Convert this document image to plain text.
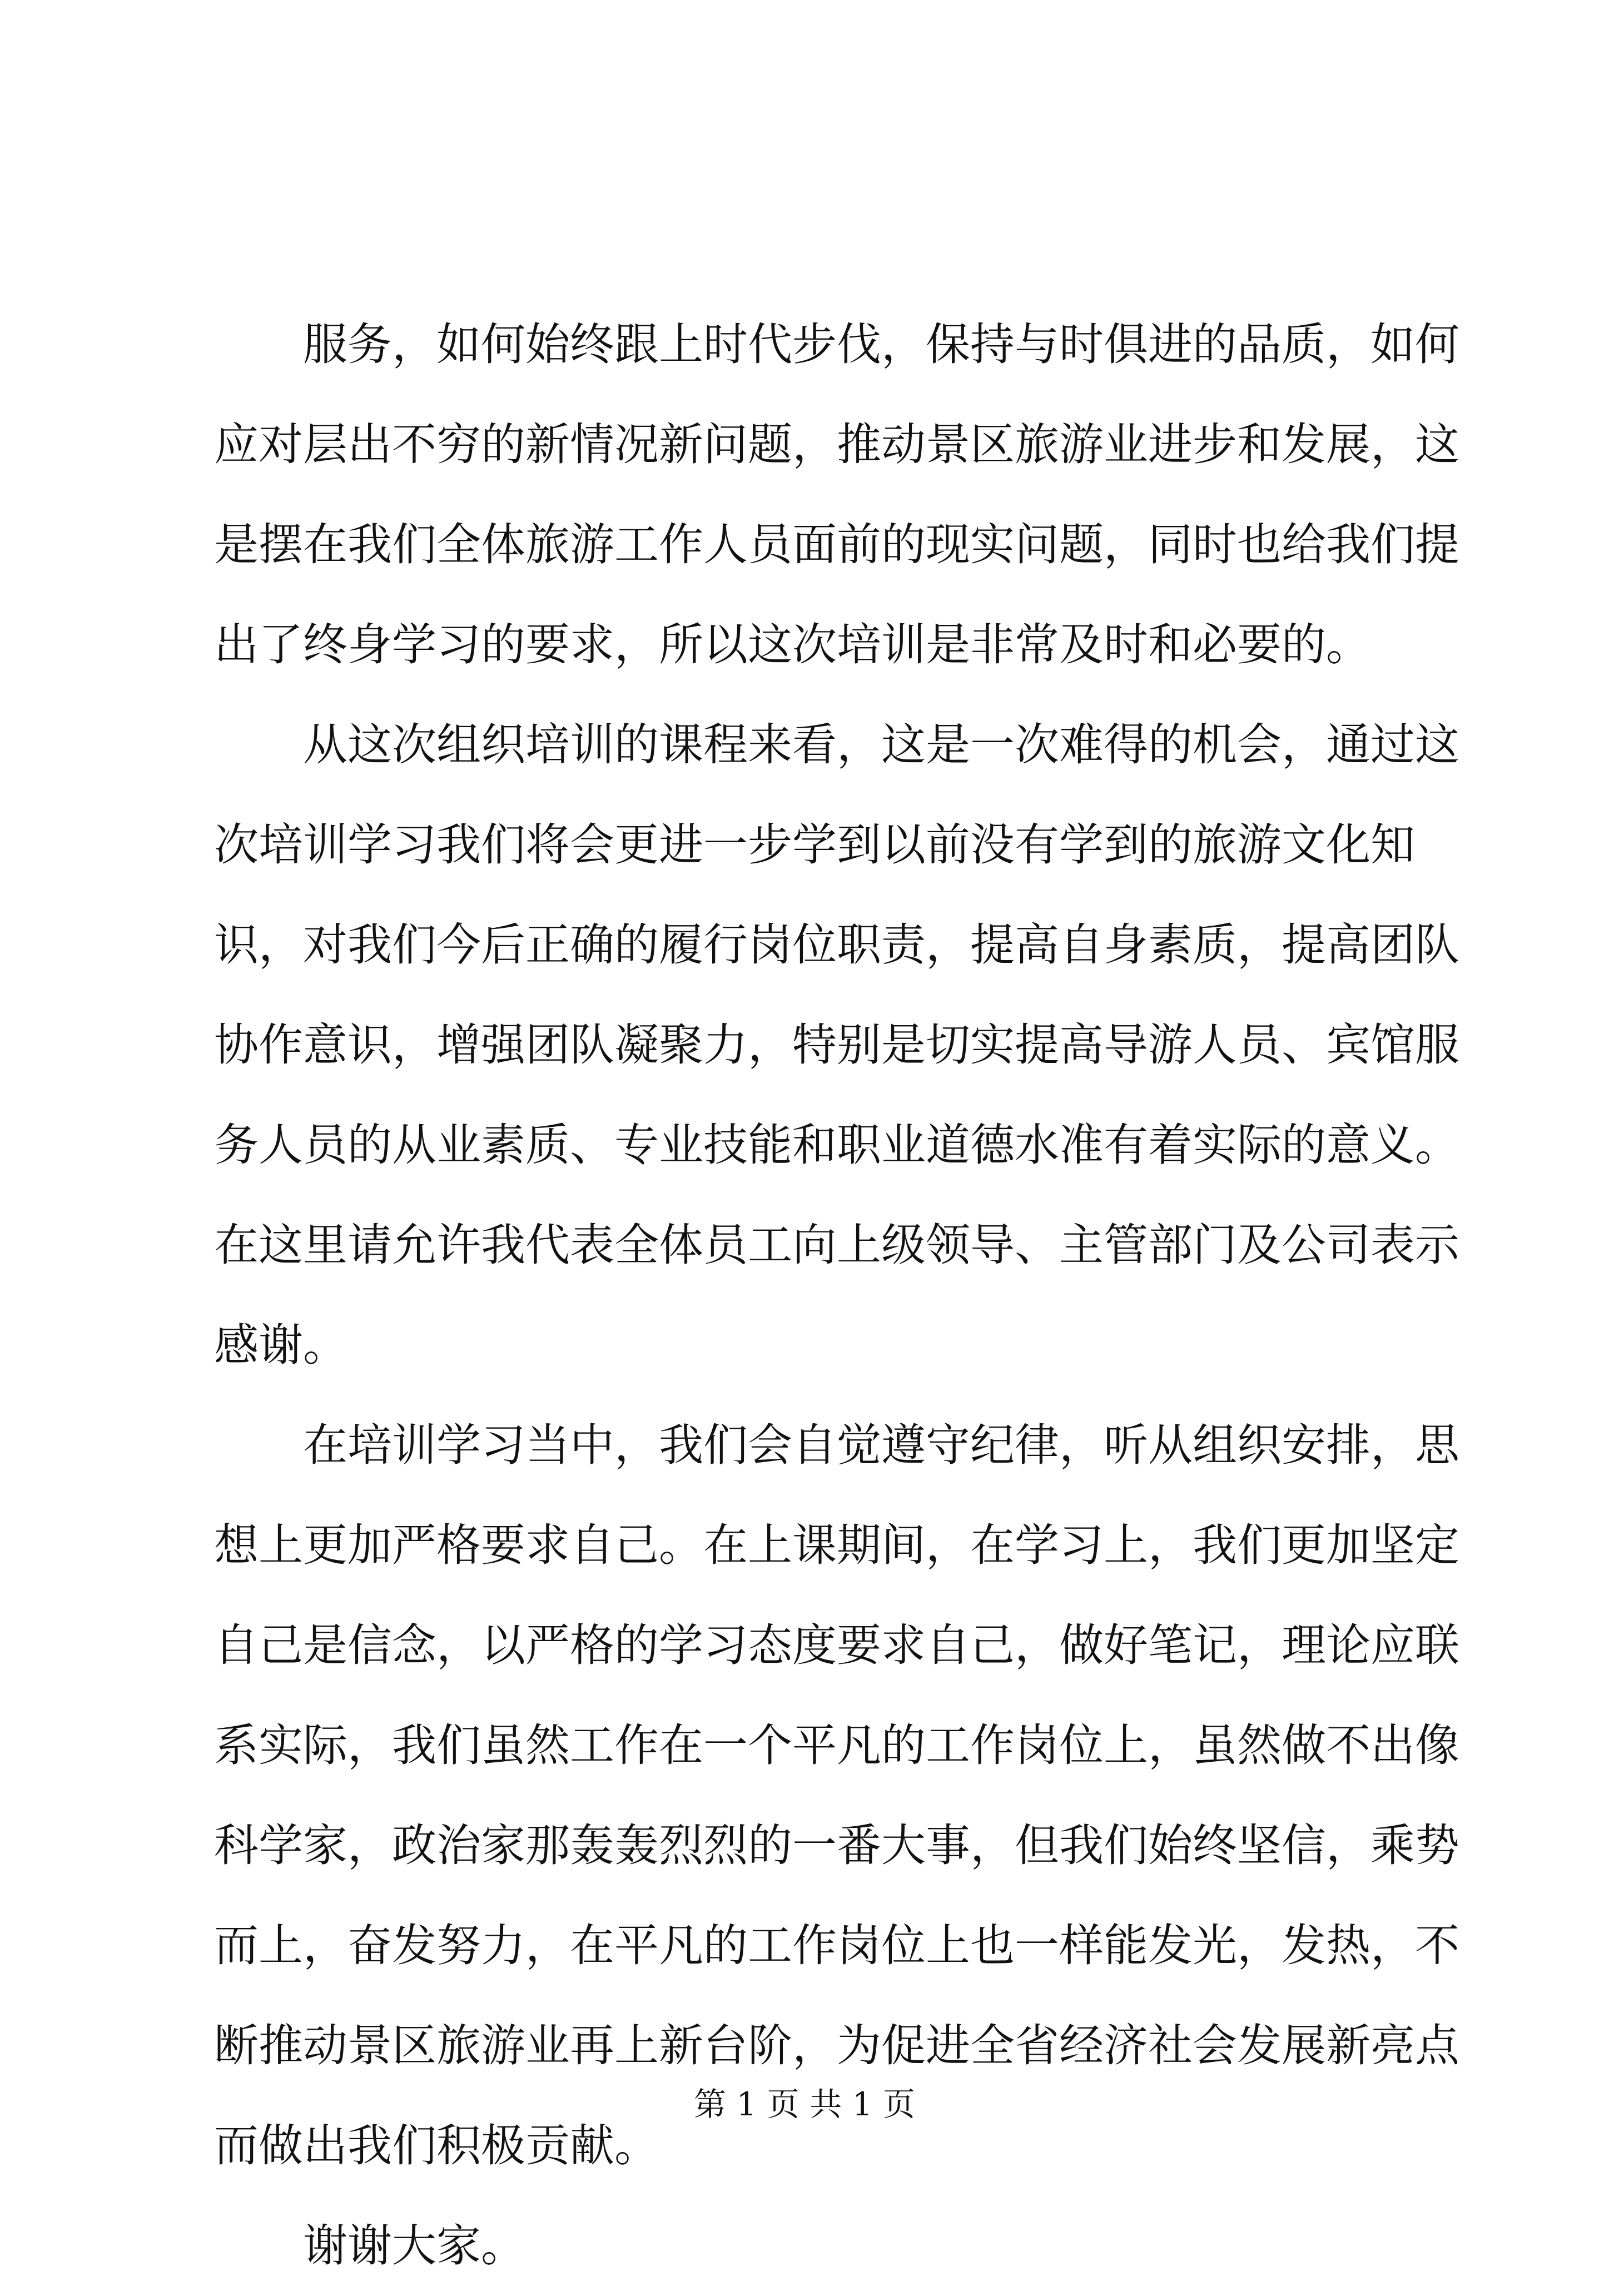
服务，如何始终跟上时代步伐，保持与时俱进的品质，如何
应对层出不穷的新情况新问题，推动景区旅游业进步和发展，这
是摆在我们全体旅游工作人员面前的现实问题，同时也给我们提
出了终身学习的要求，所以这次培训是非常及时和必要的。
从这次组织培训的课程来看，这是一次难得的机会，通过这
次培训学习我们将会更进一步学到以前没有学到的旅游文化知
识，对我们今后正确的履行岗位职责，提高自身素质，提高团队
协作意识，增强团队凝聚力，特别是切实提高导游人员、宾馆服
务人员的从业素质、专业技能和职业道德水准有着实际的意义。
在这里请允许我代表全体员工向上级领导、主管部门及公司表示
感谢。
在培训学习当中，我们会自觉遵守纪律，听从组织安排，思
想上更加严格要求自己。在上课期间，在学习上，我们更加坚定
自己是信念，以严格的学习态度要求自己，做好笔记，理论应联
系实际，我们虽然工作在一个平凡的工作岗位上，虽然做不出像
科学家，政治家那轰轰烈烈的一番大事，但我们始终坚信，乘势
而上，奋发努力，在平凡的工作岗位上也一样能发光，发热，不
断推动景区旅游业再上新台阶，为促进全省经济社会发展新亮点
而做出我们积极贡献。
谢谢大家。
第 1 页 共 1 页
